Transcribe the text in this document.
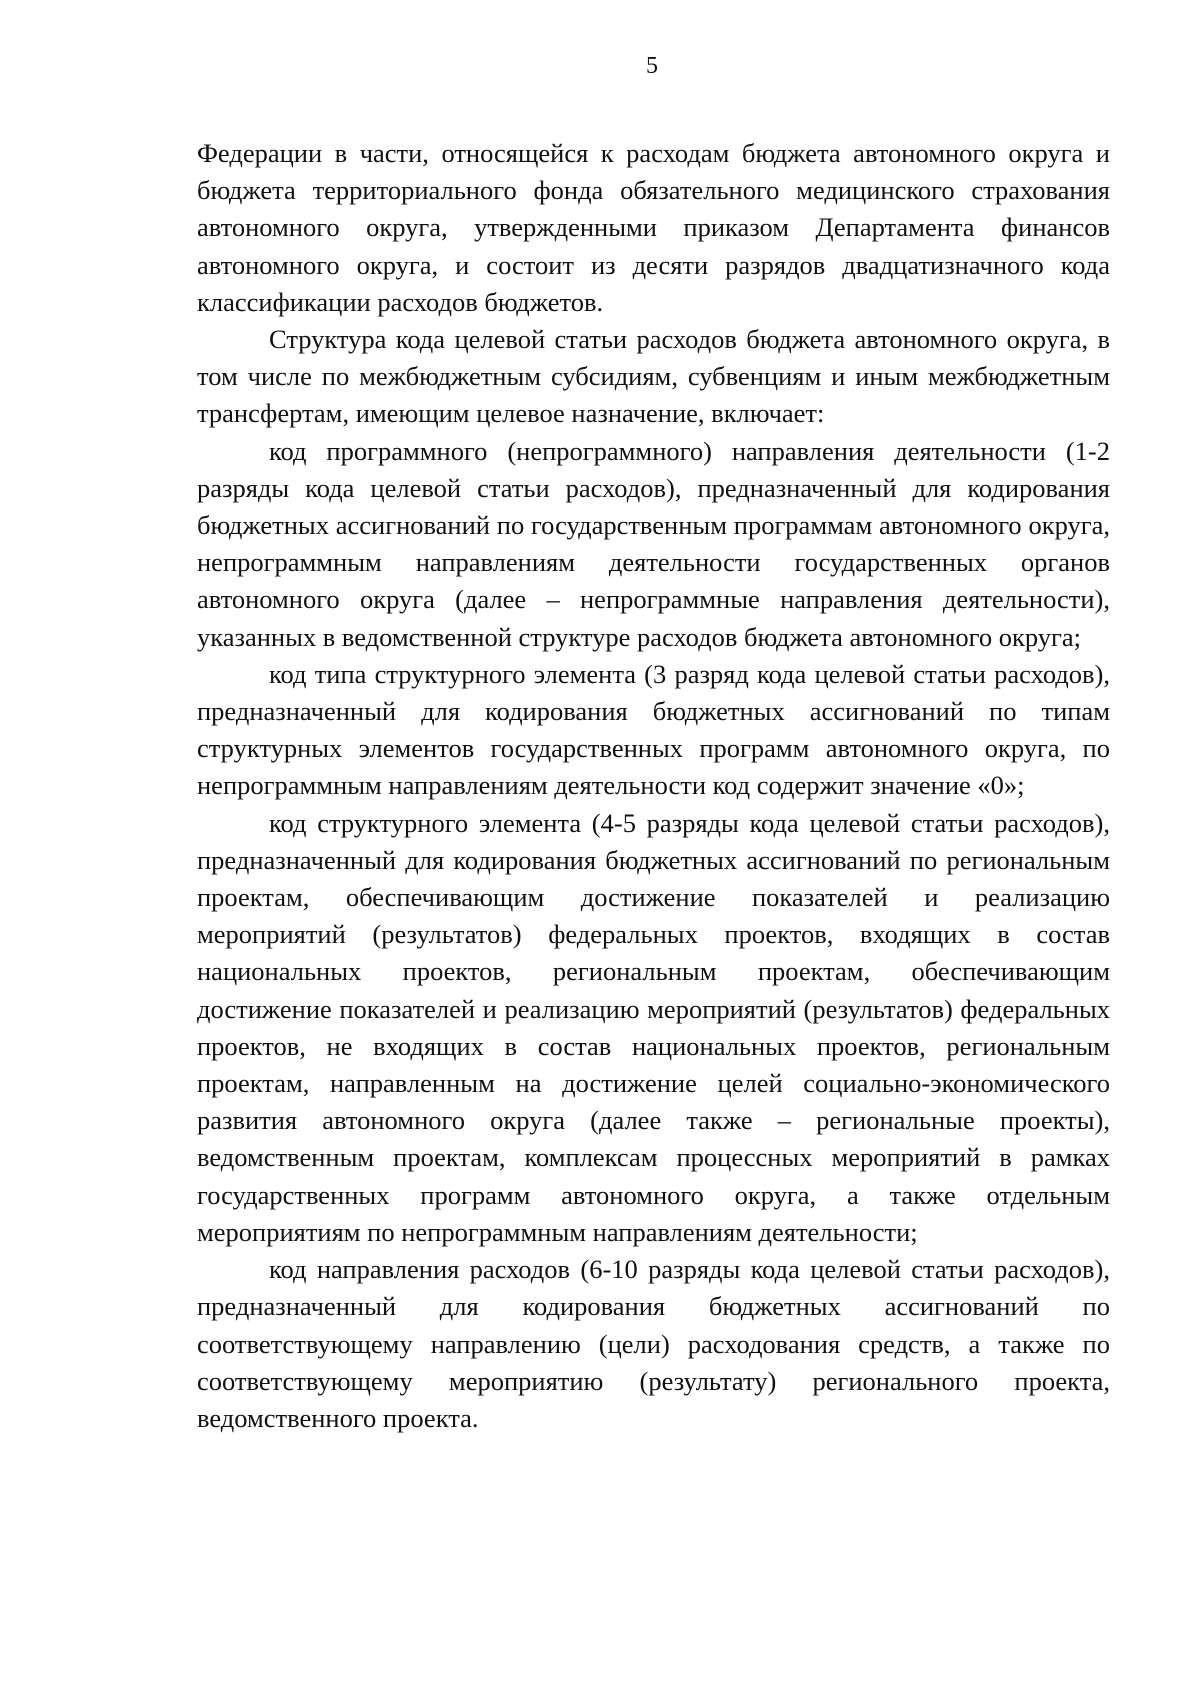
5

Федерации в части, относящейся к расходам бюджета автономного округа и бюджета территориального фонда обязательного медицинского страхования автономного округа, утвержденными приказом Департамента финансов автономного округа, и состоит из десяти разрядов двадцатизначного кода классификации расходов бюджетов.

Структура кода целевой статьи расходов бюджета автономного округа, в том числе по межбюджетным субсидиям, субвенциям и иным межбюджетным трансфертам, имеющим целевое назначение, включает:

код программного (непрограммного) направления деятельности (1-2 разряды кода целевой статьи расходов), предназначенный для кодирования бюджетных ассигнований по государственным программам автономного округа, непрограммным направлениям деятельности государственных органов автономного округа (далее – непрограммные направления деятельности), указанных в ведомственной структуре расходов бюджета автономного округа;

код типа структурного элемента (3 разряд кода целевой статьи расходов), предназначенный для кодирования бюджетных ассигнований по типам структурных элементов государственных программ автономного округа, по непрограммным направлениям деятельности код содержит значение «0»;

код структурного элемента (4-5 разряды кода целевой статьи расходов), предназначенный для кодирования бюджетных ассигнований по региональным проектам, обеспечивающим достижение показателей и реализацию мероприятий (результатов) федеральных проектов, входящих в состав национальных проектов, региональным проектам, обеспечивающим достижение показателей и реализацию мероприятий (результатов) федеральных проектов, не входящих в состав национальных проектов, региональным проектам, направленным на достижение целей социально-экономического развития автономного округа (далее также – региональные проекты), ведомственным проектам, комплексам процессных мероприятий в рамках государственных программ автономного округа, а также отдельным мероприятиям по непрограммным направлениям деятельности;

код направления расходов (6-10 разряды кода целевой статьи расходов), предназначенный для кодирования бюджетных ассигнований по соответствующему направлению (цели) расходования средств, а также по соответствующему мероприятию (результату) регионального проекта, ведомственного проекта.
